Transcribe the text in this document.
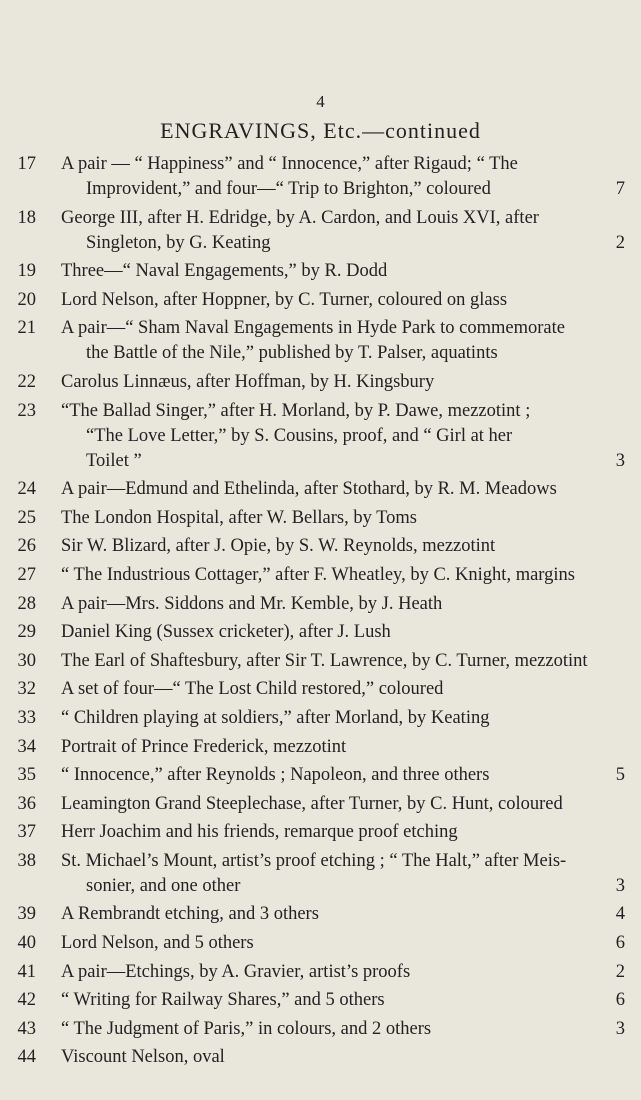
4
ENGRAVINGS, Etc.—continued
17 A pair — “ Happiness” and “ Innocence,” after Rigaud; “ The
Improvident,” and four—“ Trip to Brighton,” coloured	7
18 George III, after H. Edridge, by A. Cardon, and Louis XVI, after
Singleton, by G. Keating	2
19 Three—“ Naval Engagements,” by R. Dodd
20 Lord Nelson, after Hoppner, by C. Turner, coloured on glass
21 A pair—“ Sham Naval Engagements in Hyde Park to commemorate
the Battle of the Nile,” published by T. Palser, aquatints
22 Carolus Linnæus, after Hoffman, by H. Kingsbury
23 “The Ballad Singer,” after H. Morland, by P. Dawe, mezzotint ;
“The Love Letter,” by S. Cousins, proof, and “ Girl at her
Toilet ”	3
24 A pair—Edmund and Ethelinda, after Stothard, by R. M. Meadows
25 The London Hospital, after W. Bellars, by Toms
26 Sir W. Blizard, after J. Opie, by S. W. Reynolds, mezzotint
27 “ The Industrious Cottager,” after F. Wheatley, by C. Knight, margins
28 A pair—Mrs. Siddons and Mr. Kemble, by J. Heath
29 Daniel King (Sussex cricketer), after J. Lush
30 The Earl of Shaftesbury, after Sir T. Lawrence, by C. Turner, mezzotint
32 A set of four—“ The Lost Child restored,” coloured
33 “ Children playing at soldiers,” after Morland, by Keating
34 Portrait of Prince Frederick, mezzotint
35 “ Innocence,” after Reynolds ; Napoleon, and three others	5
36 Leamington Grand Steeplechase, after Turner, by C. Hunt, coloured
37 Herr Joachim and his friends, remarque proof etching
38 St. Michael’s Mount, artist’s proof etching ; “ The Halt,” after Meis-
sonier, and one other	3
39 A Rembrandt etching, and 3 others	4
40 Lord Nelson, and 5 others	6
41 A pair—Etchings, by A. Gravier, artist’s proofs	2
42 “ Writing for Railway Shares,” and 5 others	6
43 “ The Judgment of Paris,” in colours, and 2 others	3
44 Viscount Nelson, oval
